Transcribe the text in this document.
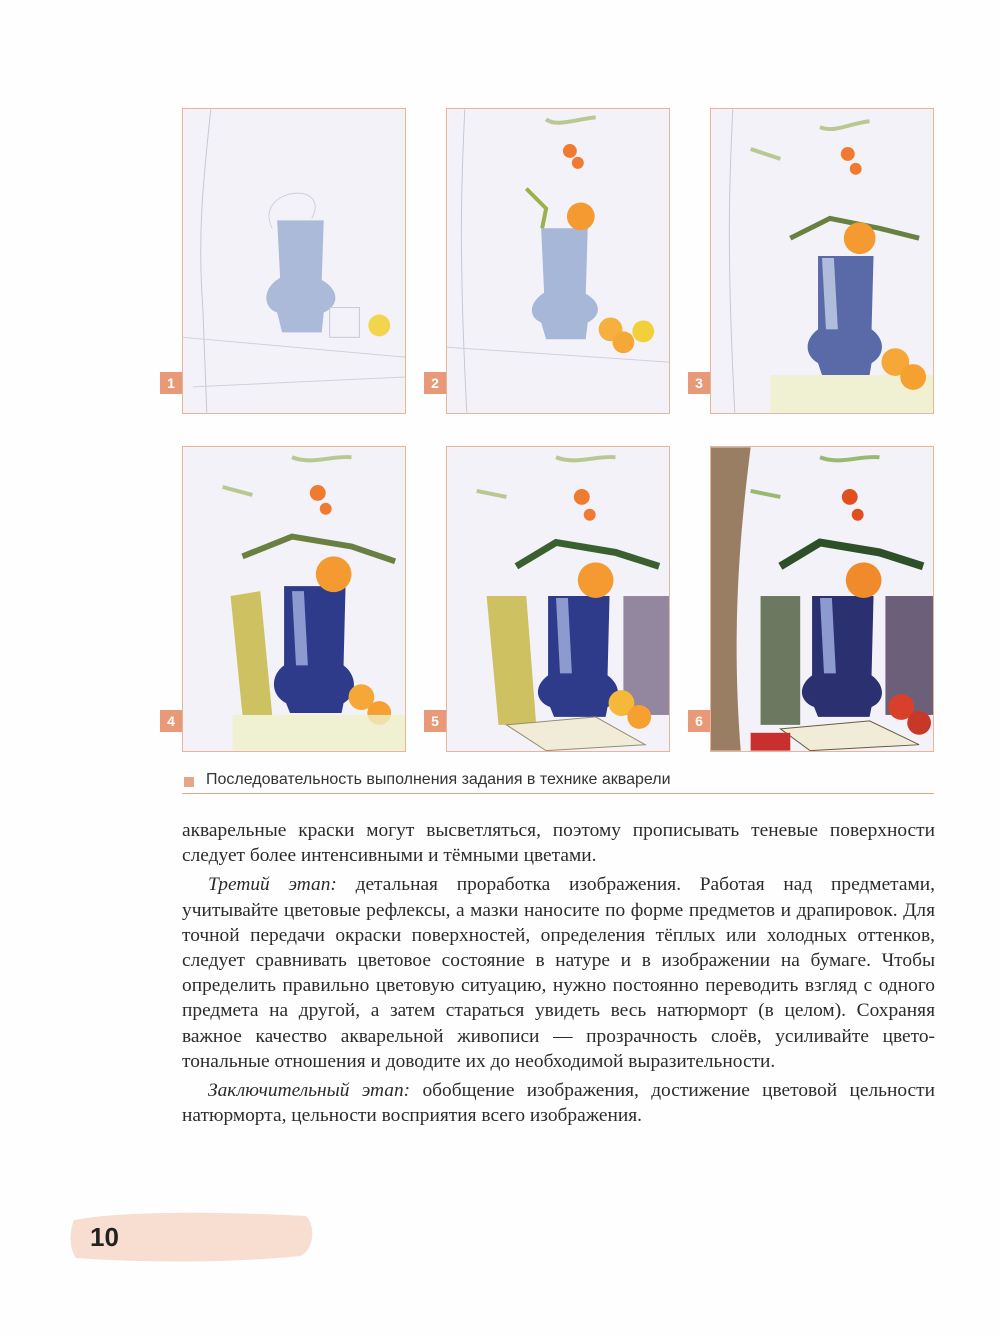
1	2	3
4	5	6
Последовательность выполнения задания в технике акварели

акварельные краски могут высветляться, поэтому прописывать теневые поверхности следует более интенсивными и тёмными цветами.

Третий этап: детальная проработка изображения. Работая над предметами, учитывайте цветовые рефлексы, а мазки наносите по форме предметов и драпировок. Для точной передачи окраски поверхностей, определения тёплых или холодных оттенков, следует сравнивать цветовое состояние в натуре и в изображении на бумаге. Чтобы определить правильно цветовую ситуацию, нужно постоянно переводить взгляд с одного предмета на другой, а затем стараться увидеть весь натюрморт (в целом). Сохраняя важное качество акварельной живописи — прозрачность слоёв, усиливайте цвето-тональные отношения и доводите их до необходимой выразительности.

Заключительный этап: обобщение изображения, достижение цветовой цельности натюрморта, цельности восприятия всего изображения.

10
